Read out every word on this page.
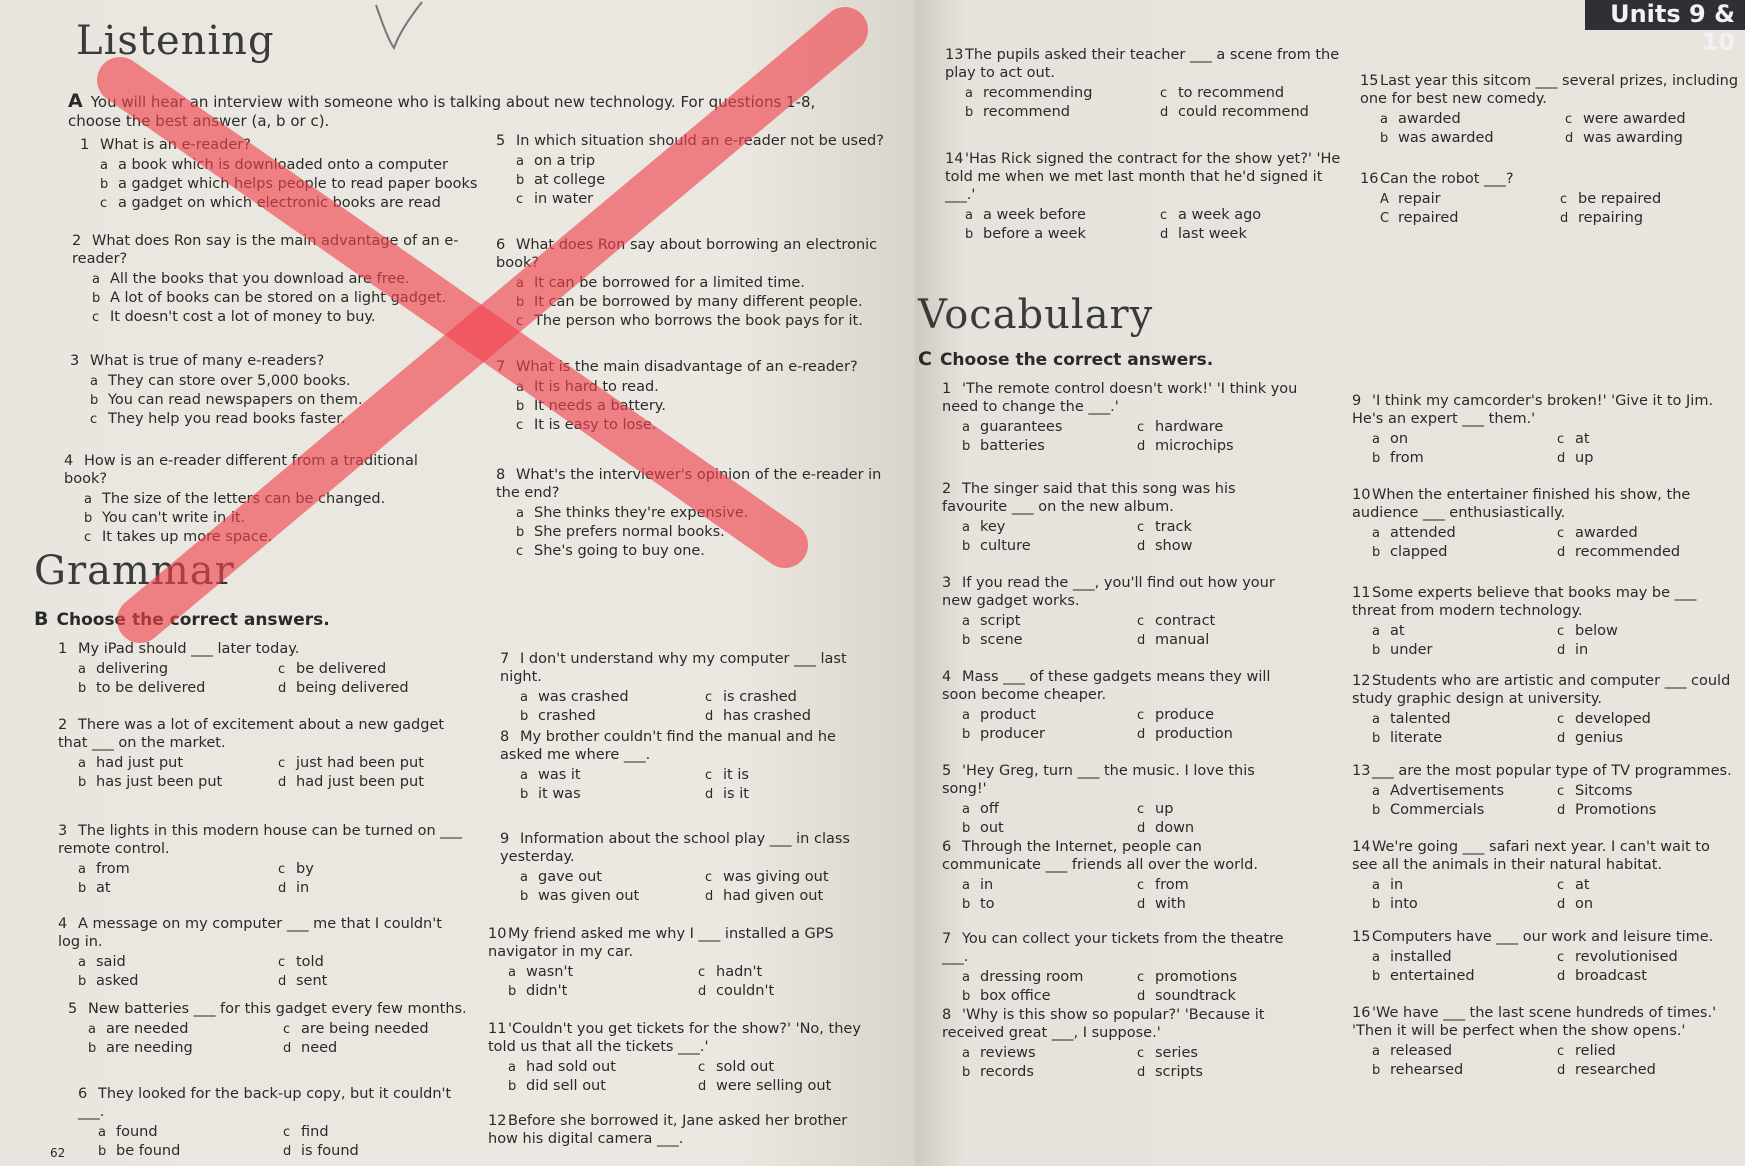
Listening
A You will hear an interview with someone who is talking about new technology. For questions 1-8, choose the best answer (a, b or c).
1 What is an e-reader?
a a book which is downloaded onto a computer
b a gadget which helps people to read paper books
c a gadget on which electronic books are read
2 What does Ron say is the main advantage of an e-reader?
a All the books that you download are free.
b A lot of books can be stored on a light gadget.
c It doesn't cost a lot of money to buy.
3 What is true of many e-readers?
a They can store over 5,000 books.
b You can read newspapers on them.
c They help you read books faster.
4 How is an e-reader different from a traditional book?
a The size of the letters can be changed.
b You can't write in it.
c It takes up more space.
5 In which situation should an e-reader not be used?
a on a trip
b at college
c in water
6 What does Ron say about borrowing an electronic book?
a It can be borrowed for a limited time.
b It can be borrowed by many different people.
c The person who borrows the book pays for it.
7 What is the main disadvantage of an e-reader?
a It is hard to read.
b It needs a battery.
c It is easy to lose.
8 What's the interviewer's opinion of the e-reader in the end?
a She thinks they're expensive.
b She prefers normal books.
c She's going to buy one.
Grammar
B Choose the correct answers.
1 My iPad should ___ later today.
a delivering	c be delivered
b to be delivered	d being delivered
2 There was a lot of excitement about a new gadget that ___ on the market.
a had just put	c just had been put
b has just been put	d had just been put
3 The lights in this modern house can be turned on ___ remote control.
a from	c by
b at	d in
4 A message on my computer ___ me that I couldn't log in.
a said	c told
b asked	d sent
5 New batteries ___ for this gadget every few months.
a are needed	c are being needed
b are needing	d need
6 They looked for the back-up copy, but it couldn't ___.
a found	c find
b be found	d is found
7 I don't understand why my computer ___ last night.
a was crashed	c is crashed
b crashed	d has crashed
8 My brother couldn't find the manual and he asked me where ___.
a was it	c it is
b it was	d is it
9 Information about the school play ___ in class yesterday.
a gave out	c was giving out
b was given out	d had given out
10 My friend asked me why I ___ installed a GPS navigator in my car.
a wasn't	c hadn't
b didn't	d couldn't
11 'Couldn't you get tickets for the show?' 'No, they told us that all the tickets ___.'
a had sold out	c sold out
b did sell out	d were selling out
12 Before she borrowed it, Jane asked her brother how his digital camera ___.
62
Units 9 & 10
13 The pupils asked their teacher ___ a scene from the play to act out.
a recommending	c to recommend
b recommend	d could recommend
14 'Has Rick signed the contract for the show yet?' 'He told me when we met last month that he'd signed it ___.'
a a week before	c a week ago
b before a week	d last week
15 Last year this sitcom ___ several prizes, including one for best new comedy.
a awarded	c were awarded
b was awarded	d was awarding
16 Can the robot ___?
A repair	c be repaired
C repaired	d repairing
Vocabulary
C Choose the correct answers.
1 'The remote control doesn't work!' 'I think you need to change the ___.'
a guarantees	c hardware
b batteries	d microchips
2 The singer said that this song was his favourite ___ on the new album.
a key	c track
b culture	d show
3 If you read the ___, you'll find out how your new gadget works.
a script	c contract
b scene	d manual
4 Mass ___ of these gadgets means they will soon become cheaper.
a product	c produce
b producer	d production
5 'Hey Greg, turn ___ the music. I love this song!'
a off	c up
b out	d down
6 Through the Internet, people can communicate ___ friends all over the world.
a in	c from
b to	d with
7 You can collect your tickets from the theatre ___.
a dressing room	c promotions
b box office	d soundtrack
8 'Why is this show so popular?' 'Because it received great ___, I suppose.'
a reviews	c series
b records	d scripts
9 'I think my camcorder's broken!' 'Give it to Jim. He's an expert ___ them.'
a on	c at
b from	d up
10 When the entertainer finished his show, the audience ___ enthusiastically.
a attended	c awarded
b clapped	d recommended
11 Some experts believe that books may be ___ threat from modern technology.
a at	c below
b under	d in
12 Students who are artistic and computer ___ could study graphic design at university.
a talented	c developed
b literate	d genius
13 ___ are the most popular type of TV programmes.
a Advertisements	c Sitcoms
b Commercials	d Promotions
14 We're going ___ safari next year. I can't wait to see all the animals in their natural habitat.
a in	c at
b into	d on
15 Computers have ___ our work and leisure time.
a installed	c revolutionised
b entertained	d broadcast
16 'We have ___ the last scene hundreds of times.' 'Then it will be perfect when the show opens.'
a released	c relied
b rehearsed	d researched
